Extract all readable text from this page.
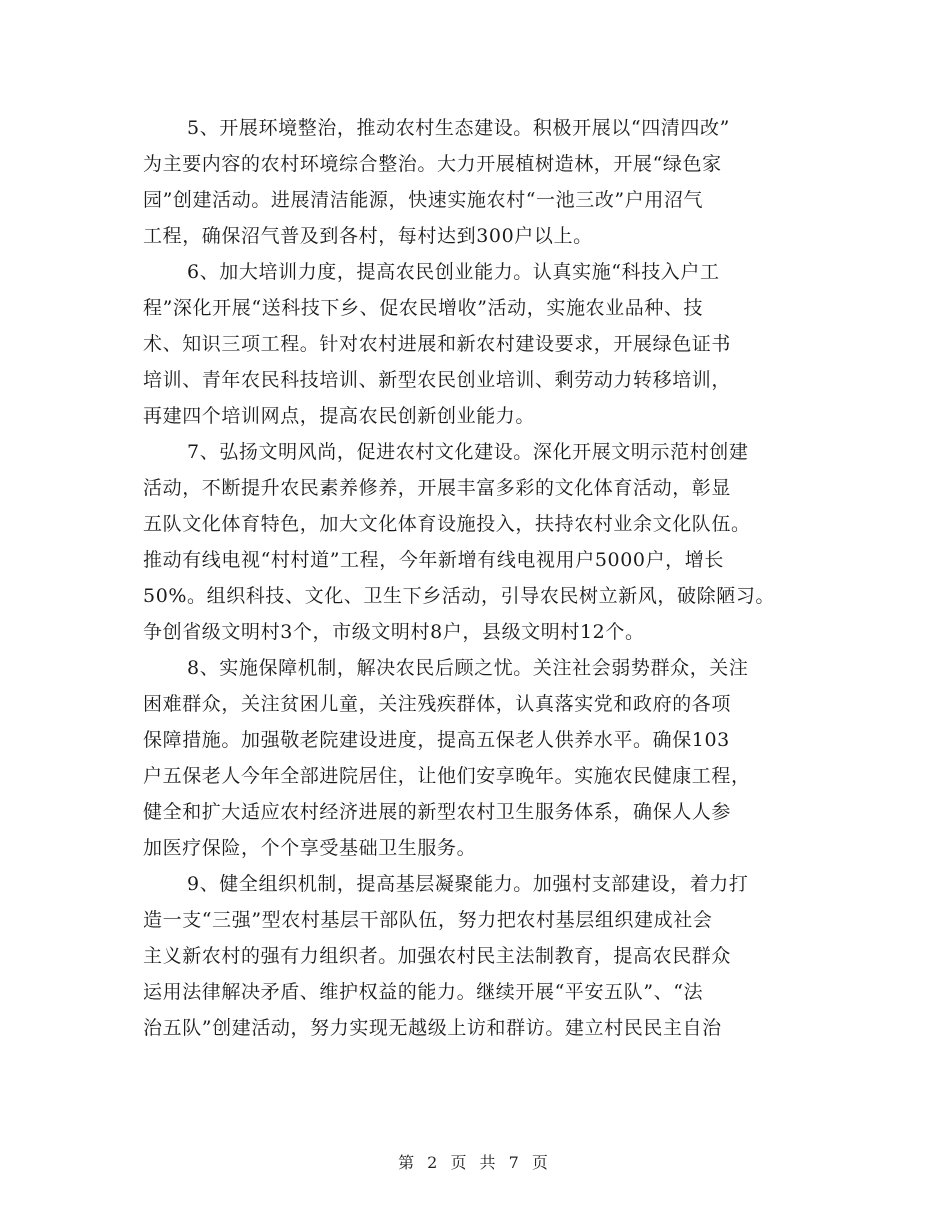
5、开展环境整治，推动农村生态建设。积极开展以“四清四改”
为主要内容的农村环境综合整治。大力开展植树造林，开展“绿色家
园”创建活动。进展清洁能源，快速实施农村“一池三改”户用沼气
工程，确保沼气普及到各村，每村达到300户以上。
6、加大培训力度，提高农民创业能力。认真实施“科技入户工
程”深化开展“送科技下乡、促农民增收”活动，实施农业品种、技
术、知识三项工程。针对农村进展和新农村建设要求，开展绿色证书
培训、青年农民科技培训、新型农民创业培训、剩劳动力转移培训，
再建四个培训网点，提高农民创新创业能力。
7、弘扬文明风尚，促进农村文化建设。深化开展文明示范村创建
活动，不断提升农民素养修养，开展丰富多彩的文化体育活动，彰显
五队文化体育特色，加大文化体育设施投入，扶持农村业余文化队伍。
推动有线电视“村村道”工程，今年新增有线电视用户5000户，增长
50%。组织科技、文化、卫生下乡活动，引导农民树立新风，破除陋习。
争创省级文明村3个，市级文明村8户，县级文明村12个。
8、实施保障机制，解决农民后顾之忧。关注社会弱势群众，关注
困难群众，关注贫困儿童，关注残疾群体，认真落实党和政府的各项
保障措施。加强敬老院建设进度，提高五保老人供养水平。确保103
户五保老人今年全部进院居住，让他们安享晚年。实施农民健康工程，
健全和扩大适应农村经济进展的新型农村卫生服务体系，确保人人参
加医疗保险，个个享受基础卫生服务。
9、健全组织机制，提高基层凝聚能力。加强村支部建设，着力打
造一支“三强”型农村基层干部队伍，努力把农村基层组织建成社会
主义新农村的强有力组织者。加强农村民主法制教育，提高农民群众
运用法律解决矛盾、维护权益的能力。继续开展“平安五队”、“法
治五队”创建活动，努力实现无越级上访和群访。建立村民民主自治
第 2 页 共 7 页
